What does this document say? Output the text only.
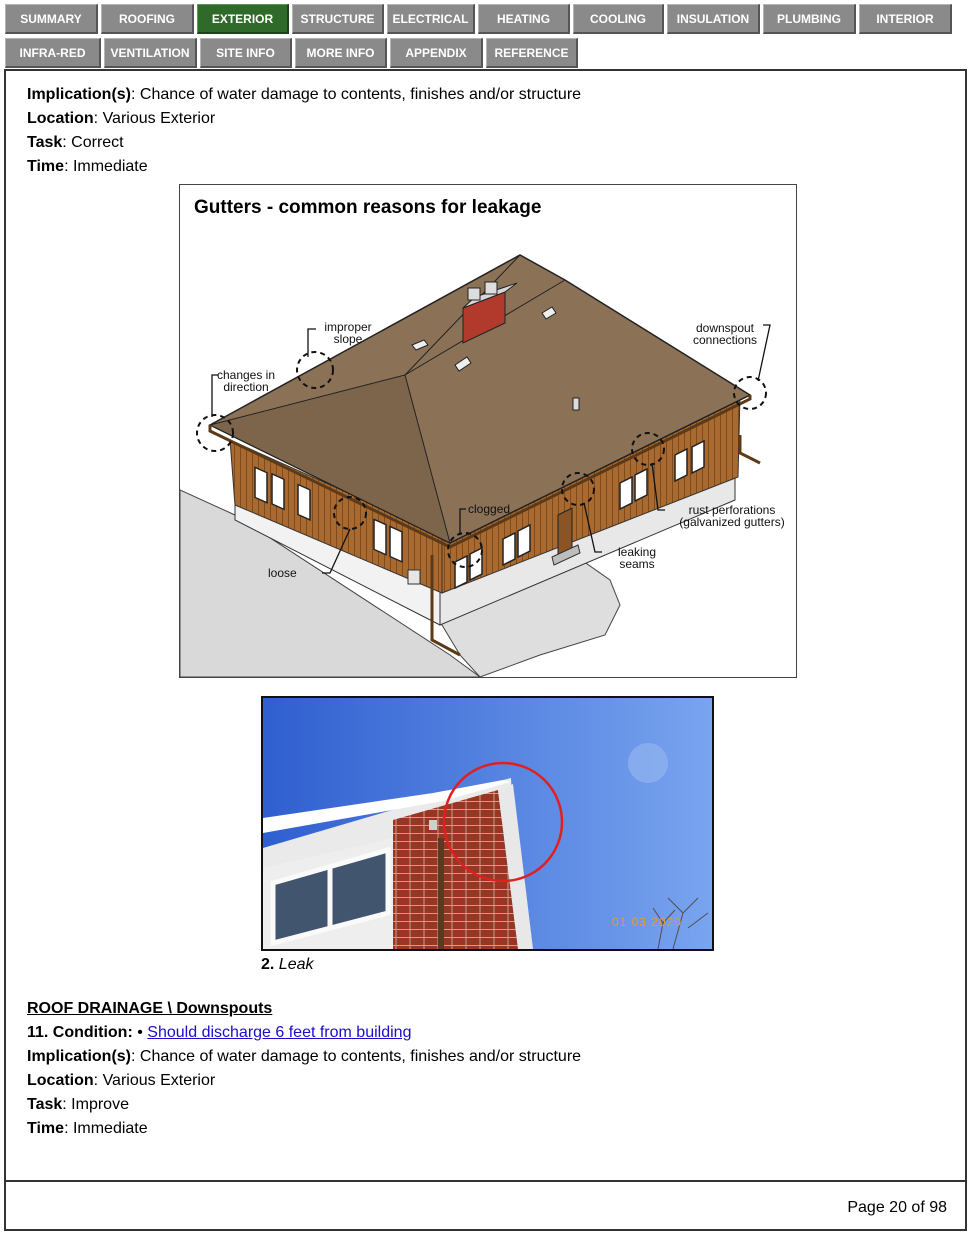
SUMMARY	ROOFING	EXTERIOR	STRUCTURE	ELECTRICAL	HEATING	COOLING	INSULATION	PLUMBING	INTERIOR
INFRA-RED	VENTILATION	SITE INFO	MORE INFO	APPENDIX	REFERENCE
Implication(s): Chance of water damage to contents, finishes and/or structure
Location: Various Exterior
Task: Correct
Time: Immediate
Gutters - common reasons for leakage
improper slope
changes in direction
downspout connections
clogged	rust perforations (galvanized gutters)
leaking seams
loose
01 03 2020
2. Leak
ROOF DRAINAGE \ Downspouts
11. Condition: • Should discharge 6 feet from building
Implication(s): Chance of water damage to contents, finishes and/or structure
Location: Various Exterior
Task: Improve
Time: Immediate
Page 20 of 98
